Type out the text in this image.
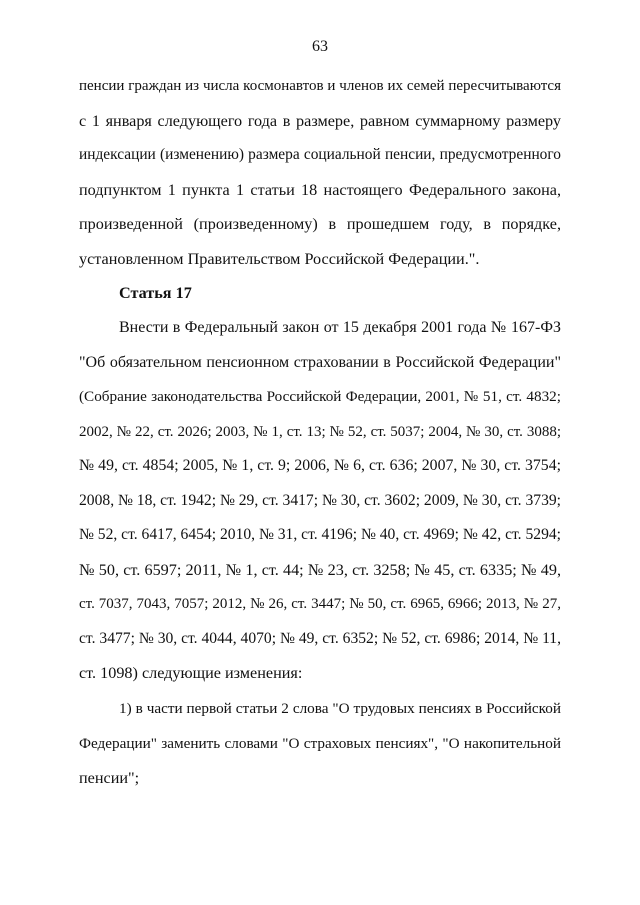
63
пенсии граждан из числа космонавтов и членов их семей пересчитываются
с 1 января следующего года в размере, равном суммарному размеру
индексации (изменению) размера социальной пенсии, предусмотренного
подпунктом 1 пункта 1 статьи 18 настоящего Федерального закона,
произведенной (произведенному) в прошедшем году, в порядке,
установленном Правительством Российской Федерации.".
Статья 17
Внести в Федеральный закон от 15 декабря 2001 года № 167-ФЗ
"Об обязательном пенсионном страховании в Российской Федерации"
(Собрание законодательства Российской Федерации, 2001, № 51, ст. 4832;
2002, № 22, ст. 2026; 2003, № 1, ст. 13; № 52, ст. 5037; 2004, № 30, ст. 3088;
№ 49, ст. 4854; 2005, № 1, ст. 9; 2006, № 6, ст. 636; 2007, № 30, ст. 3754;
2008, № 18, ст. 1942; № 29, ст. 3417; № 30, ст. 3602; 2009, № 30, ст. 3739;
№ 52, ст. 6417, 6454; 2010, № 31, ст. 4196; № 40, ст. 4969; № 42, ст. 5294;
№ 50, ст. 6597; 2011, № 1, ст. 44; № 23, ст. 3258; № 45, ст. 6335; № 49,
ст. 7037, 7043, 7057; 2012, № 26, ст. 3447; № 50, ст. 6965, 6966; 2013, № 27,
ст. 3477; № 30, ст. 4044, 4070; № 49, ст. 6352; № 52, ст. 6986; 2014, № 11,
ст. 1098) следующие изменения:
1) в части первой статьи 2 слова "О трудовых пенсиях в Российской
Федерации" заменить словами "О страховых пенсиях", "О накопительной
пенсии";
